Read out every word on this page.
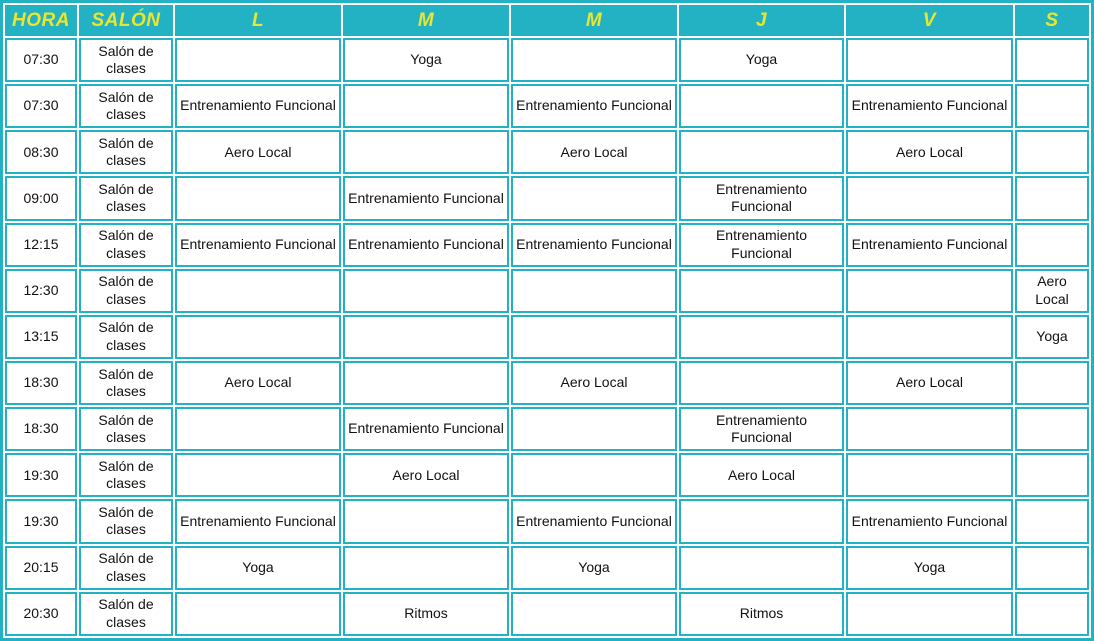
HORA	SALÓN	L	M	M	J	V	S
07:30	Salón de clases		Yoga		Yoga		
07:30	Salón de clases	Entrenamiento Funcional		Entrenamiento Funcional		Entrenamiento Funcional	
08:30	Salón de clases	Aero Local		Aero Local		Aero Local	
09:00	Salón de clases		Entrenamiento Funcional		Entrenamiento Funcional		
12:15	Salón de clases	Entrenamiento Funcional	Entrenamiento Funcional	Entrenamiento Funcional	Entrenamiento Funcional	Entrenamiento Funcional	
12:30	Salón de clases						Aero Local
13:15	Salón de clases						Yoga
18:30	Salón de clases	Aero Local		Aero Local		Aero Local	
18:30	Salón de clases		Entrenamiento Funcional		Entrenamiento Funcional		
19:30	Salón de clases		Aero Local		Aero Local		
19:30	Salón de clases	Entrenamiento Funcional		Entrenamiento Funcional		Entrenamiento Funcional	
20:15	Salón de clases	Yoga		Yoga		Yoga	
20:30	Salón de clases		Ritmos		Ritmos		
